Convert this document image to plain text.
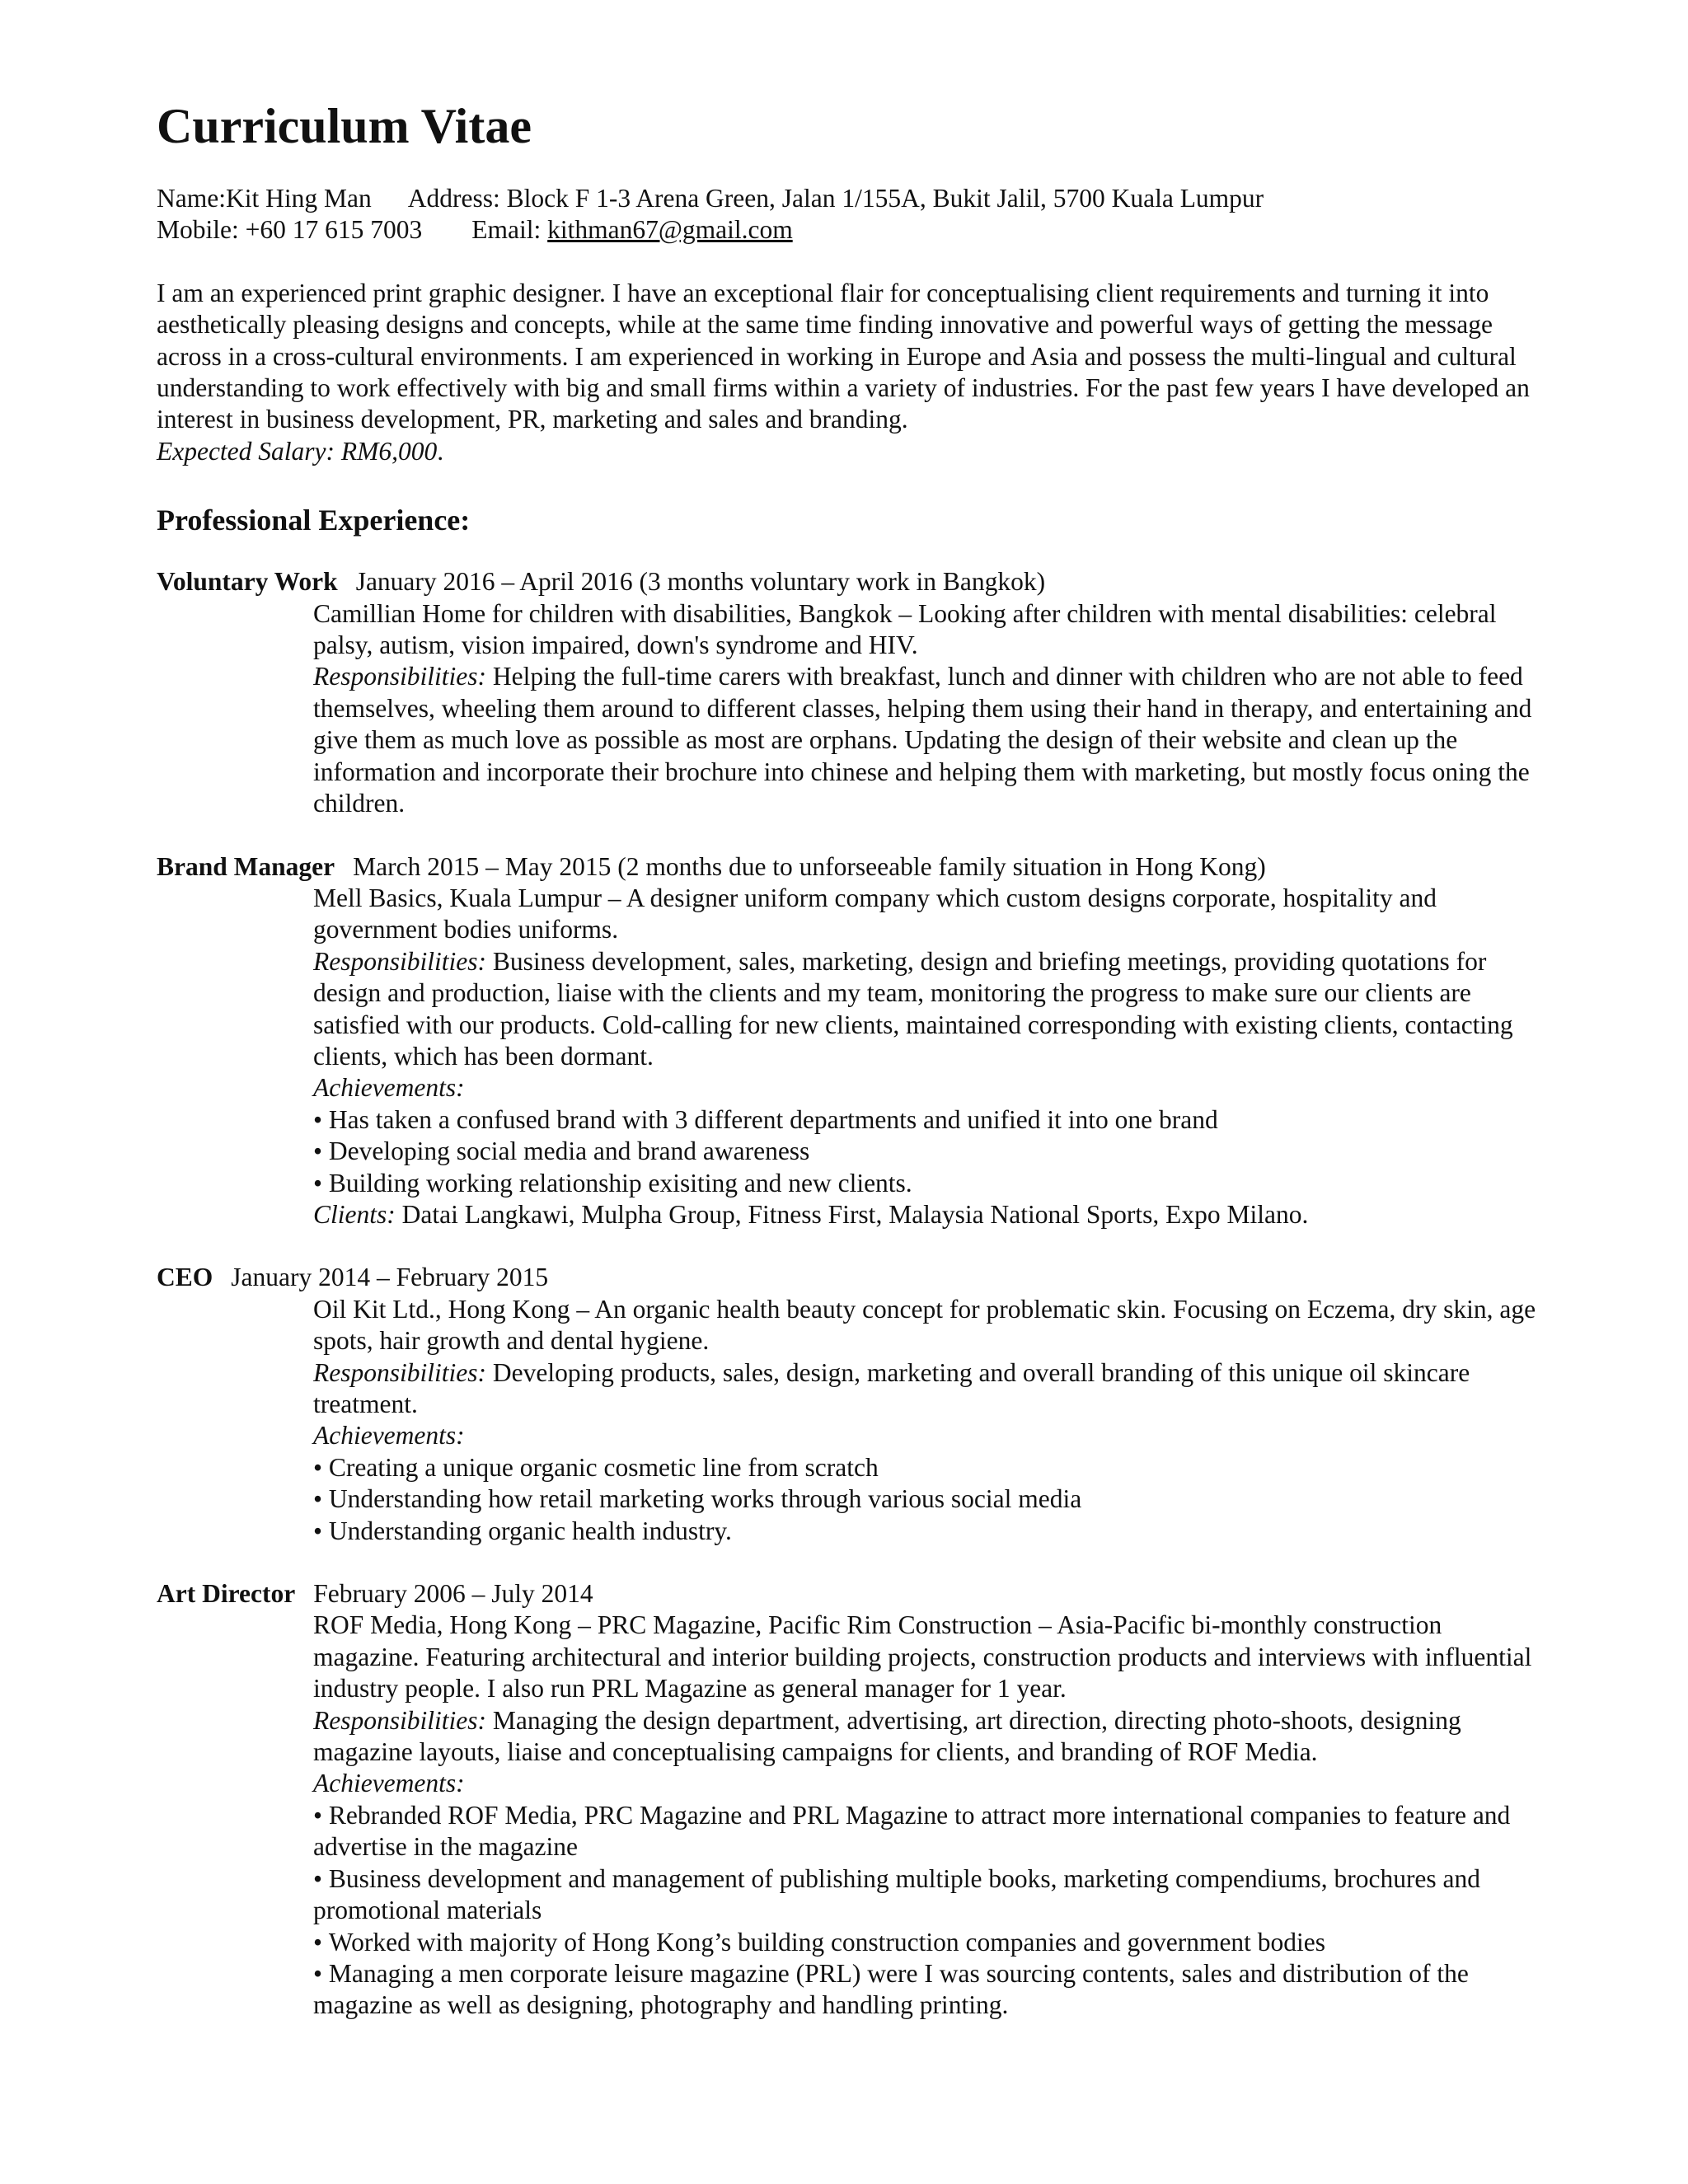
Curriculum Vitae
Name:Kit Hing Man Address: Block F 1-3 Arena Green, Jalan 1/155A, Bukit Jalil, 5700 Kuala Lumpur
Mobile: +60 17 615 7003 Email: kithman67@gmail.com

I am an experienced print graphic designer. I have an exceptional flair for conceptualising client requirements and turning it into aesthetically pleasing designs and concepts, while at the same time finding innovative and powerful ways of getting the message across in a cross-cultural environments. I am experienced in working in Europe and Asia and possess the multi-lingual and cultural understanding to work effectively with big and small firms within a variety of industries. For the past few years I have developed an interest in business development, PR, marketing and sales and branding.

Expected Salary: RM6,000.

Professional Experience:
Voluntary Work January 2016 – April 2016 (3 months voluntary work in Bangkok)

Camillian Home for children with disabilities, Bangkok – Looking after children with mental disabilities: celebral palsy, autism, vision impaired, down's syndrome and HIV.

Responsibilities: Helping the full-time carers with breakfast, lunch and dinner with children who are not able to feed themselves, wheeling them around to different classes, helping them using their hand in therapy, and entertaining and give them as much love as possible as most are orphans. Updating the design of their website and clean up the information and incorporate their brochure into chinese and helping them with marketing, but mostly focus oning the children.

Brand Manager March 2015 – May 2015 (2 months due to unforseeable family situation in Hong Kong)

Mell Basics, Kuala Lumpur – A designer uniform company which custom designs corporate, hospitality and government bodies uniforms.

Responsibilities: Business development, sales, marketing, design and briefing meetings, providing quotations for design and production, liaise with the clients and my team, monitoring the progress to make sure our clients are satisfied with our products. Cold-calling for new clients, maintained corresponding with existing clients, contacting clients, which has been dormant.

Achievements:

• Has taken a confused brand with 3 different departments and unified it into one brand
• Developing social media and brand awareness
• Building working relationship exisiting and new clients.

Clients: Datai Langkawi, Mulpha Group, Fitness First, Malaysia National Sports, Expo Milano.

CEO January 2014 – February 2015

Oil Kit Ltd., Hong Kong – An organic health beauty concept for problematic skin. Focusing on Eczema, dry skin, age spots, hair growth and dental hygiene.

Responsibilities: Developing products, sales, design, marketing and overall branding of this unique oil skincare treatment.

Achievements:

• Creating a unique organic cosmetic line from scratch
• Understanding how retail marketing works through various social media
• Understanding organic health industry.
Art Director February 2006 – July 2014

ROF Media, Hong Kong – PRC Magazine, Pacific Rim Construction – Asia-Pacific bi-monthly construction magazine. Featuring architectural and interior building projects, construction products and interviews with influential industry people. I also run PRL Magazine as general manager for 1 year.

Responsibilities: Managing the design department, advertising, art direction, directing photo-shoots, designing magazine layouts, liaise and conceptualising campaigns for clients, and branding of ROF Media.

Achievements:

• Rebranded ROF Media, PRC Magazine and PRL Magazine to attract more international companies to feature and advertise in the magazine
• Business development and management of publishing multiple books, marketing compendiums, brochures and promotional materials
• Worked with majority of Hong Kong’s building construction companies and government bodies
• Managing a men corporate leisure magazine (PRL) were I was sourcing contents, sales and distribution of the magazine as well as designing, photography and handling printing.
